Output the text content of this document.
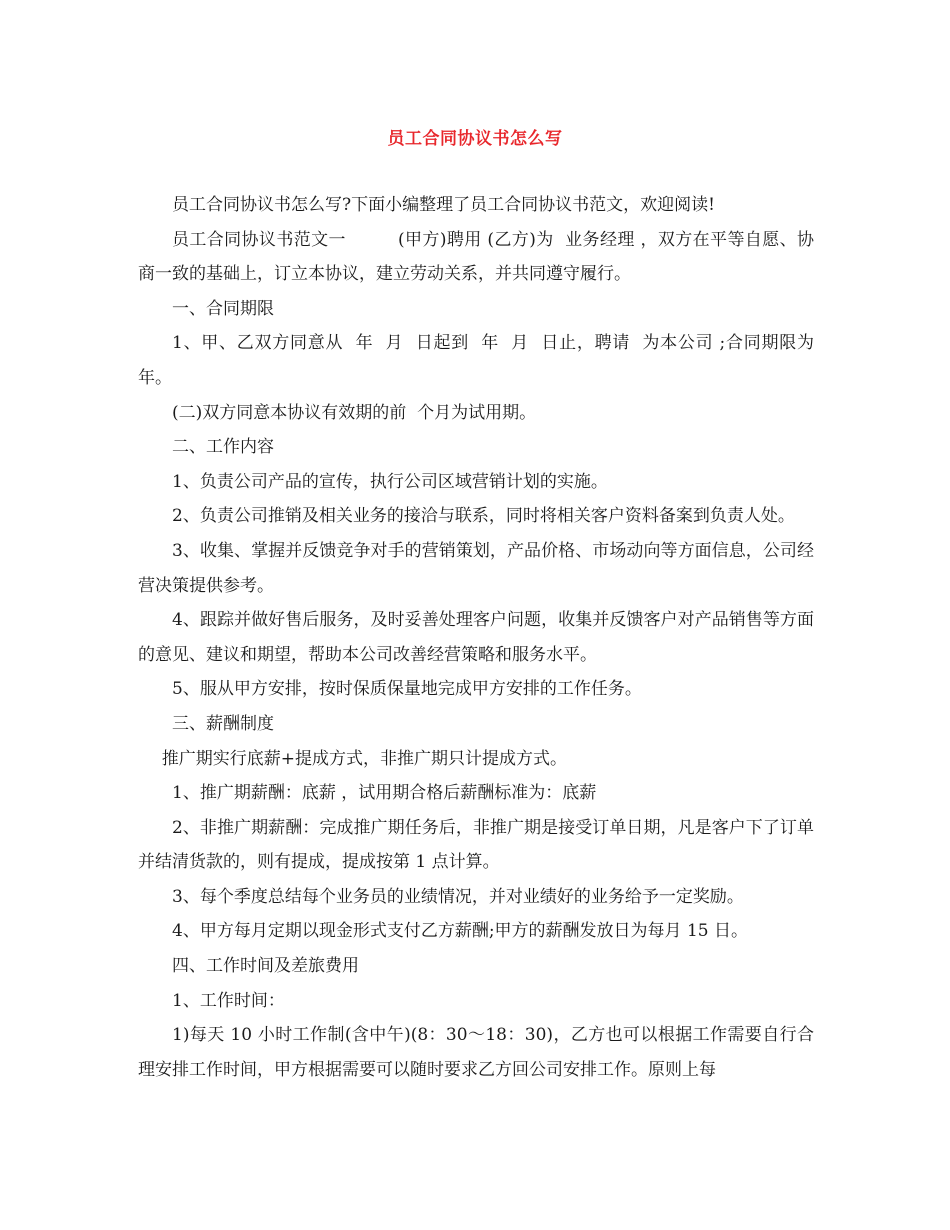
员工合同协议书怎么写

员工合同协议书怎么写?下面小编整理了员工合同协议书范文，欢迎阅读!

员工合同协议书范文一　　　(甲方)聘用 (乙方)为  业务经理 ，双方在平等自愿、协商一致的基础上，订立本协议，建立劳动关系，并共同遵守履行。

一、合同期限

1、甲、乙双方同意从  年  月  日起到  年  月  日止，聘请  为本公司 ;合同期限为 年。

(二)双方同意本协议有效期的前  个月为试用期。

二、工作内容

1、负责公司产品的宣传，执行公司区域营销计划的实施。

2、负责公司推销及相关业务的接洽与联系，同时将相关客户资料备案到负责人处。

3、收集、掌握并反馈竞争对手的营销策划，产品价格、市场动向等方面信息，公司经营决策提供参考。

4、跟踪并做好售后服务，及时妥善处理客户问题，收集并反馈客户对产品销售等方面的意见、建议和期望，帮助本公司改善经营策略和服务水平。

5、服从甲方安排，按时保质保量地完成甲方安排的工作任务。

三、薪酬制度

推广期实行底薪+提成方式，非推广期只计提成方式。

1、推广期薪酬：底薪 ，试用期合格后薪酬标准为：底薪

2、非推广期薪酬：完成推广期任务后，非推广期是接受订单日期，凡是客户下了订单并结清货款的，则有提成，提成按第 1 点计算。

3、每个季度总结每个业务员的业绩情况，并对业绩好的业务给予一定奖励。

4、甲方每月定期以现金形式支付乙方薪酬;甲方的薪酬发放日为每月 15 日。

四、工作时间及差旅费用

1、工作时间：

1)每天 10 小时工作制(含中午)(8：30～18：30)，乙方也可以根据工作需要自行合理安排工作时间，甲方根据需要可以随时要求乙方回公司安排工作。原则上每
